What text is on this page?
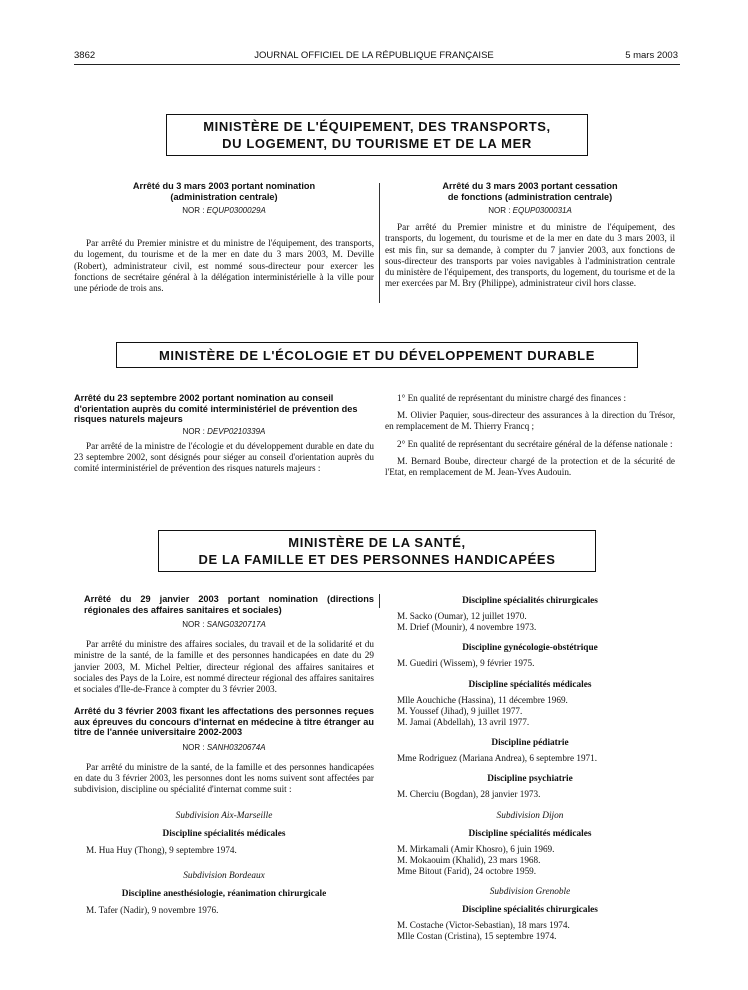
3862	JOURNAL OFFICIEL DE LA RÉPUBLIQUE FRANÇAISE	5 mars 2003
MINISTÈRE DE L'ÉQUIPEMENT, DES TRANSPORTS,
DU LOGEMENT, DU TOURISME ET DE LA MER
Arrêté du 3 mars 2003 portant nomination
(administration centrale)
NOR : EQUP0300029A

Par arrêté du Premier ministre et du ministre de l'équipement, des transports, du logement, du tourisme et de la mer en date du 3 mars 2003, M. Deville (Robert), administrateur civil, est nommé sous-directeur pour exercer les fonctions de secrétaire général à la délégation interministérielle à la ville pour une période de trois ans.

Arrêté du 3 mars 2003 portant cessation
de fonctions (administration centrale)
NOR : EQUP0300031A

Par arrêté du Premier ministre et du ministre de l'équipement, des transports, du logement, du tourisme et de la mer en date du 3 mars 2003, il est mis fin, sur sa demande, à compter du 7 janvier 2003, aux fonctions de sous-directeur des transports par voies navigables à l'administration centrale du ministère de l'équipement, des transports, du logement, du tourisme et de la mer exercées par M. Bry (Philippe), administrateur civil hors classe.

MINISTÈRE DE L'ÉCOLOGIE ET DU DÉVELOPPEMENT DURABLE
Arrêté du 23 septembre 2002 portant nomination au conseil d'orientation auprès du comité interministériel de prévention des risques naturels majeurs
NOR : DEVP0210339A

Par arrêté de la ministre de l'écologie et du développement durable en date du 23 septembre 2002, sont désignés pour siéger au conseil d'orientation auprès du comité interministériel de prévention des risques naturels majeurs :

1° En qualité de représentant du ministre chargé des finances :

M. Olivier Paquier, sous-directeur des assurances à la direction du Trésor, en remplacement de M. Thierry Francq ;

2° En qualité de représentant du secrétaire général de la défense nationale :

M. Bernard Boube, directeur chargé de la protection et de la sécurité de l'Etat, en remplacement de M. Jean-Yves Audouin.

MINISTÈRE DE LA SANTÉ,
DE LA FAMILLE ET DES PERSONNES HANDICAPÉES
Arrêté du 29 janvier 2003 portant nomination (directions régionales des affaires sanitaires et sociales)
NOR : SANG0320717A

Par arrêté du ministre des affaires sociales, du travail et de la solidarité et du ministre de la santé, de la famille et des personnes handicapées en date du 29 janvier 2003, M. Michel Peltier, directeur régional des affaires sanitaires et sociales des Pays de la Loire, est nommé directeur régional des affaires sanitaires et sociales d'Ile-de-France à compter du 3 février 2003.

Arrêté du 3 février 2003 fixant les affectations des personnes reçues aux épreuves du concours d'internat en médecine à titre étranger au titre de l'année universitaire 2002-2003
NOR : SANH0320674A

Par arrêté du ministre de la santé, de la famille et des personnes handicapées en date du 3 février 2003, les personnes dont les noms suivent sont affectées par subdivision, discipline ou spécialité d'internat comme suit :

Subdivision Aix-Marseille
Discipline spécialités médicales
M. Hua Huy (Thong), 9 septembre 1974.
Subdivision Bordeaux
Discipline anesthésiologie, réanimation chirurgicale
M. Tafer (Nadir), 9 novembre 1976.
Discipline spécialités chirurgicales
M. Sacko (Oumar), 12 juillet 1970.
M. Drief (Mounir), 4 novembre 1973.
Discipline gynécologie-obstétrique
M. Guediri (Wissem), 9 février 1975.
Discipline spécialités médicales
Mlle Aouchiche (Hassina), 11 décembre 1969.
M. Youssef (Jihad), 9 juillet 1977.
M. Jamai (Abdellah), 13 avril 1977.
Discipline pédiatrie
Mme Rodriguez (Mariana Andrea), 6 septembre 1971.
Discipline psychiatrie
M. Cherciu (Bogdan), 28 janvier 1973.
Subdivision Dijon
Discipline spécialités médicales
M. Mirkamali (Amir Khosro), 6 juin 1969.
M. Mokaouim (Khalid), 23 mars 1968.
Mme Bitout (Farid), 24 octobre 1959.
Subdivision Grenoble
Discipline spécialités chirurgicales
M. Costache (Victor-Sebastian), 18 mars 1974.
Mlle Costan (Cristina), 15 septembre 1974.
